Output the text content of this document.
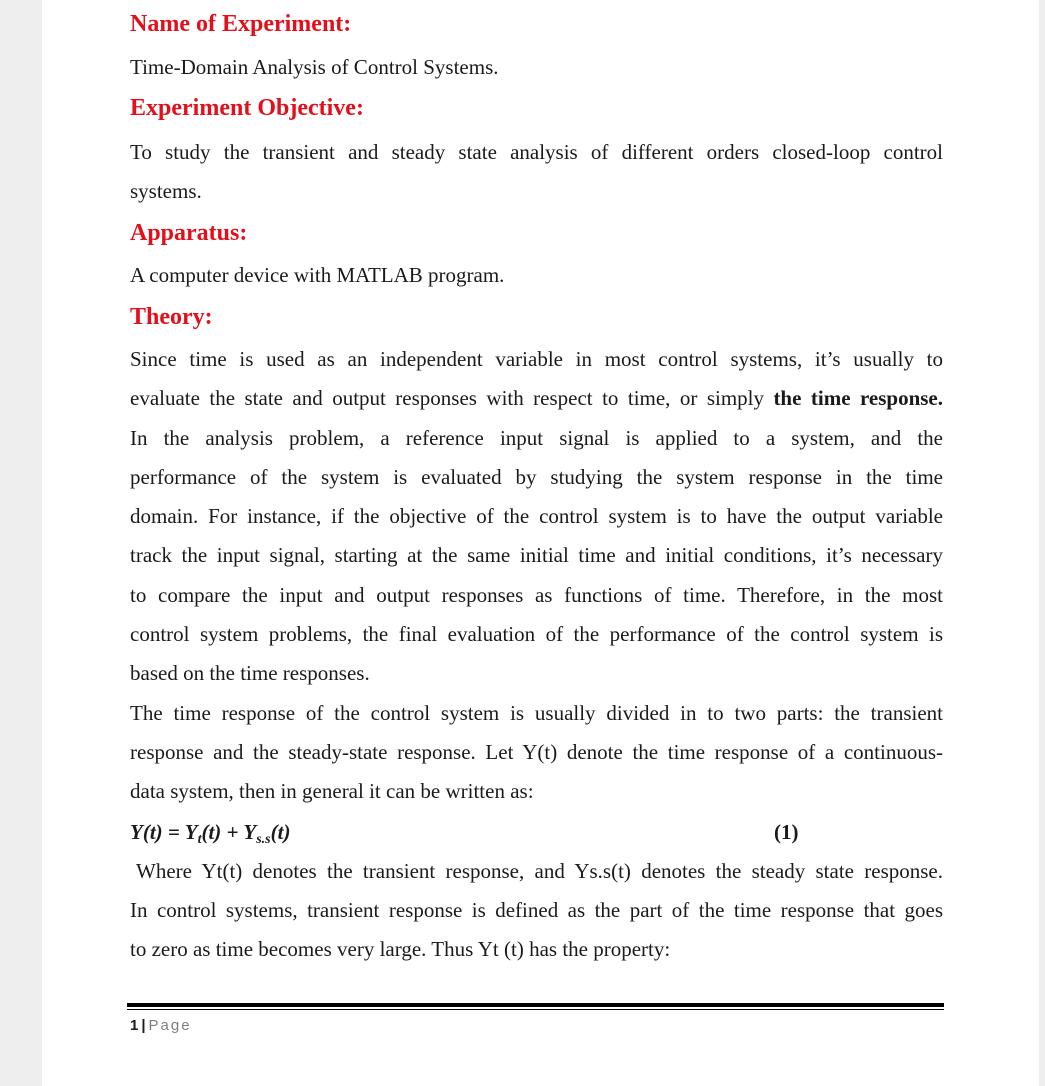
Name of Experiment:

Time-Domain Analysis of Control Systems.

Experiment Objective:

To study the transient and steady state analysis of different orders closed-loop control

systems.

Apparatus:

A computer device with MATLAB program.

Theory:

Since time is used as an independent variable in most control systems, it’s usually to

evaluate the state and output responses with respect to time, or simply the time response.

In the analysis problem, a reference input signal is applied to a system, and the

performance of the system is evaluated by studying the system response in the time

domain. For instance, if the objective of the control system is to have the output variable

track the input signal, starting at the same initial time and initial conditions, it’s necessary

to compare the input and output responses as functions of time. Therefore, in the most

control system problems, the final evaluation of the performance of the control system is

based on the time responses.

The time response of the control system is usually divided in to two parts: the transient

response and the steady-state response. Let Y(t) denote the time response of a continuous-

data system, then in general it can be written as:

$Y(t) = Y_t(t) + Y_{s.s}(t)$	(1)

Where Yt(t) denotes the transient response, and Ys.s(t) denotes the steady state response.

In control systems, transient response is defined as the part of the time response that goes

to zero as time becomes very large. Thus Yt (t) has the property:

1 | Page
